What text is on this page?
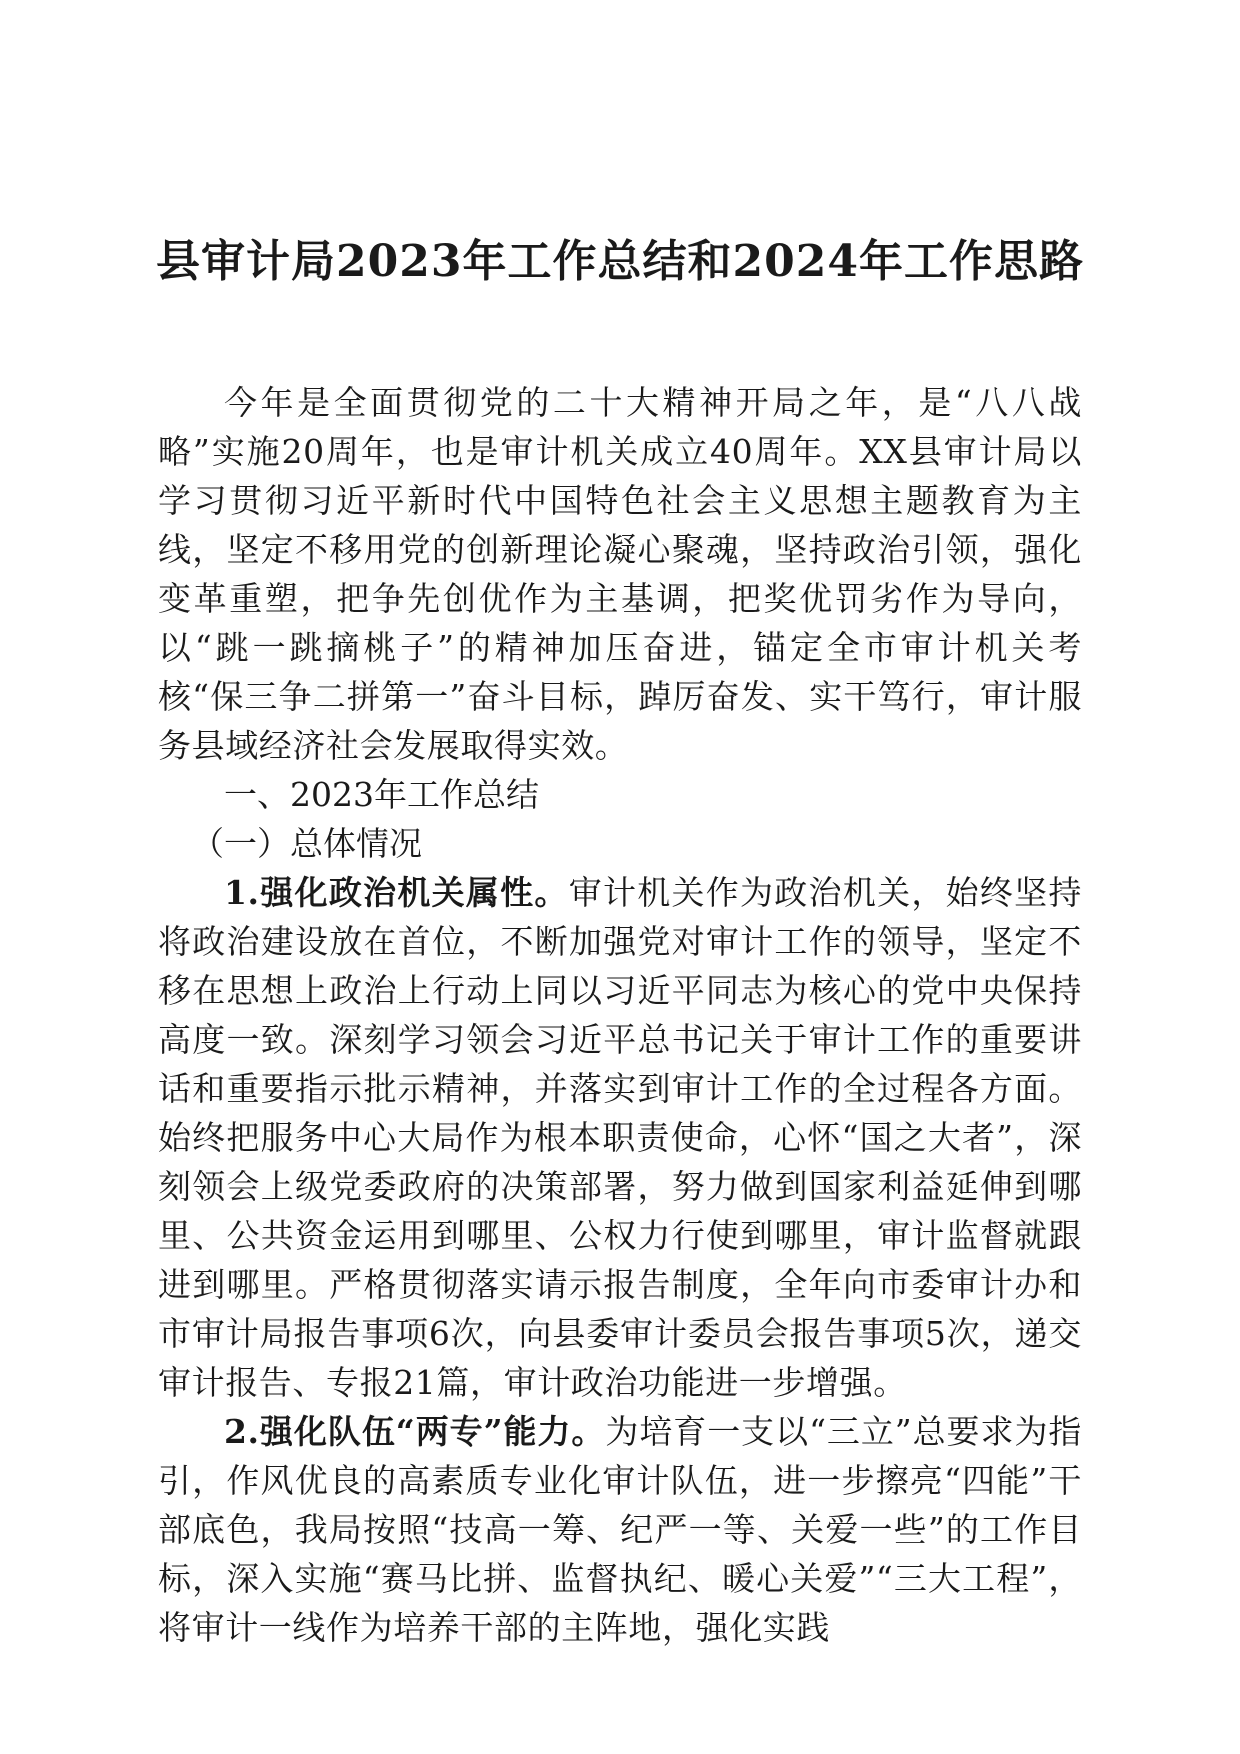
县审计局2023年工作总结和2024年工作思路

今年是全面贯彻党的二十大精神开局之年，是“八八战略”实施20周年，也是审计机关成立40周年。XX县审计局以学习贯彻习近平新时代中国特色社会主义思想主题教育为主线，坚定不移用党的创新理论凝心聚魂，坚持政治引领，强化变革重塑，把争先创优作为主基调，把奖优罚劣作为导向，以“跳一跳摘桃子”的精神加压奋进，锚定全市审计机关考核“保三争二拼第一”奋斗目标，踔厉奋发、实干笃行，审计服务县域经济社会发展取得实效。

一、2023年工作总结

（一）总体情况

1.强化政治机关属性。审计机关作为政治机关，始终坚持将政治建设放在首位，不断加强党对审计工作的领导，坚定不移在思想上政治上行动上同以习近平同志为核心的党中央保持高度一致。深刻学习领会习近平总书记关于审计工作的重要讲话和重要指示批示精神，并落实到审计工作的全过程各方面。始终把服务中心大局作为根本职责使命，心怀“国之大者”，深刻领会上级党委政府的决策部署，努力做到国家利益延伸到哪里、公共资金运用到哪里、公权力行使到哪里，审计监督就跟进到哪里。严格贯彻落实请示报告制度，全年向市委审计办和市审计局报告事项6次，向县委审计委员会报告事项5次，递交审计报告、专报21篇，审计政治功能进一步增强。

2.强化队伍“两专”能力。为培育一支以“三立”总要求为指引，作风优良的高素质专业化审计队伍，进一步擦亮“四能”干部底色，我局按照“技高一筹、纪严一等、关爱一些”的工作目标，深入实施“赛马比拼、监督执纪、暖心关爱”“三大工程”，将审计一线作为培养干部的主阵地，强化实践
